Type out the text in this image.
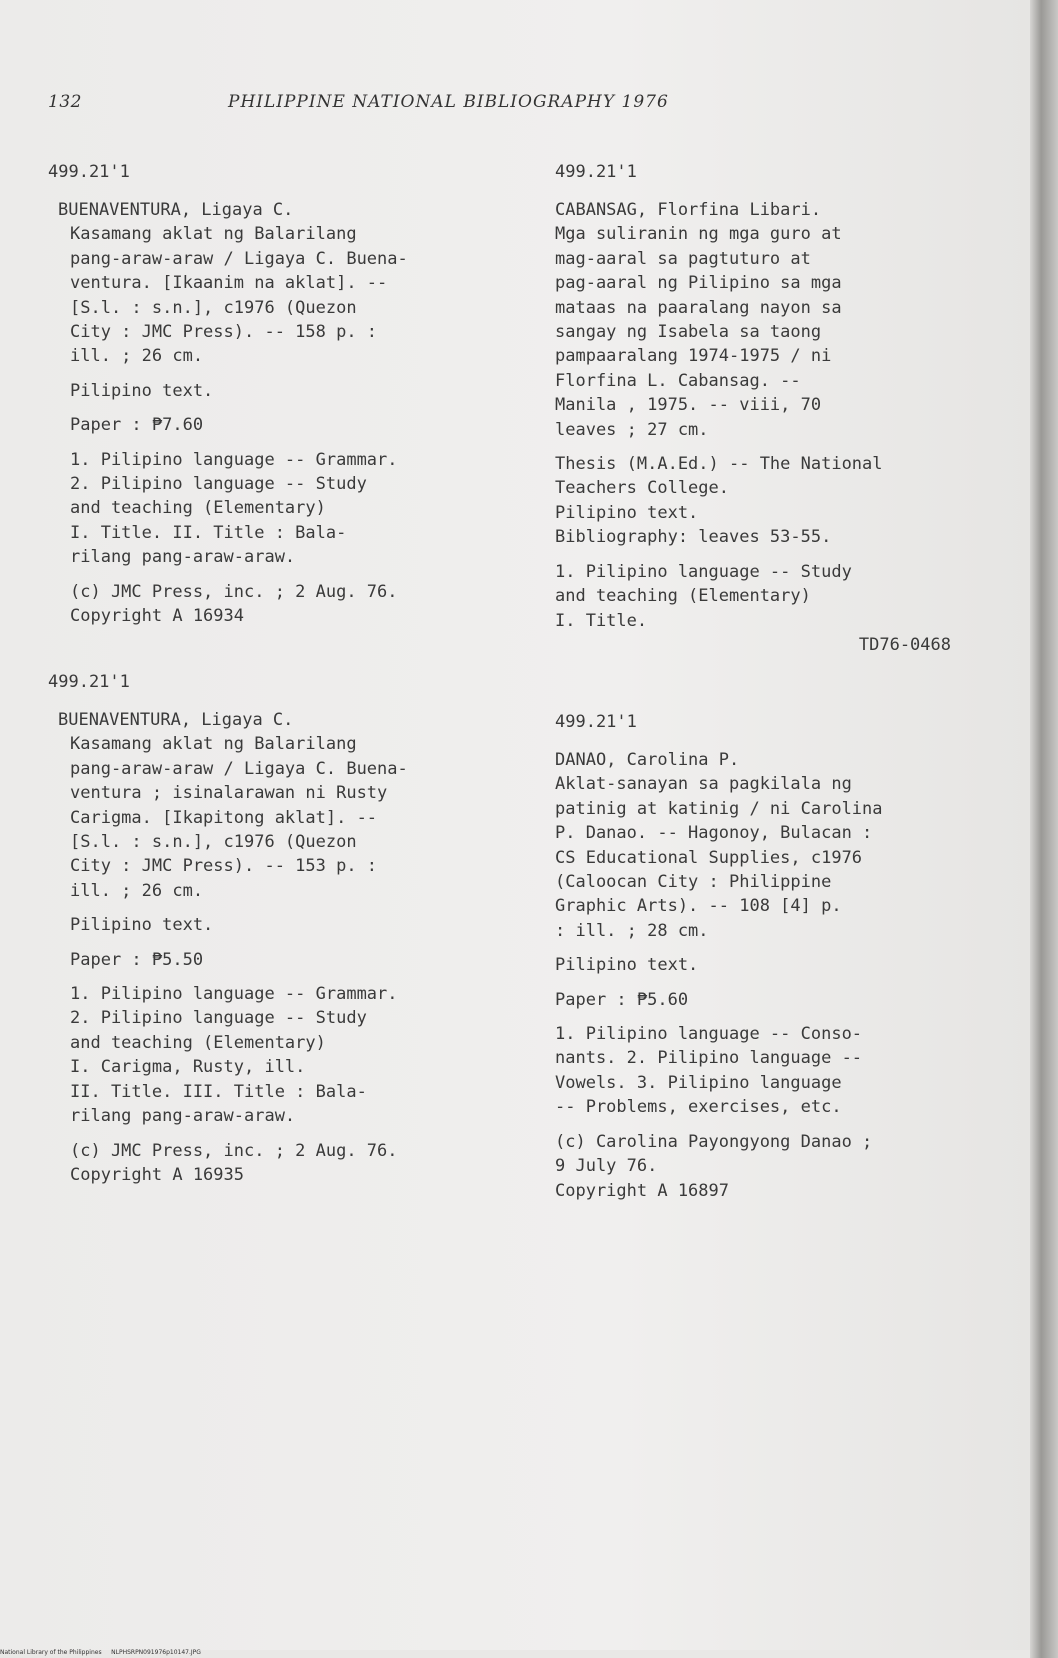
132	PHILIPPINE NATIONAL BIBLIOGRAPHY 1976
499.21'1
BUENAVENTURA, Ligaya C.
Kasamang aklat ng Balarilang
pang-araw-araw / Ligaya C. Buena-
ventura. [Ikaanim na aklat]. --
[S.l. : s.n.], c1976 (Quezon
City : JMC Press). -- 158 p. :
ill. ; 26 cm.
Pilipino text.
Paper : ₱7.60
1. Pilipino language -- Grammar.
2. Pilipino language -- Study
and teaching (Elementary)
I. Title. II. Title : Bala-
rilang pang-araw-araw.
(c) JMC Press, inc. ; 2 Aug. 76.
Copyright A 16934
499.21'1
BUENAVENTURA, Ligaya C.
Kasamang aklat ng Balarilang
pang-araw-araw / Ligaya C. Buena-
ventura ; isinalarawan ni Rusty
Carigma. [Ikapitong aklat]. --
[S.l. : s.n.], c1976 (Quezon
City : JMC Press). -- 153 p. :
ill. ; 26 cm.
Pilipino text.
Paper : ₱5.50
1. Pilipino language -- Grammar.
2. Pilipino language -- Study
and teaching (Elementary)
I. Carigma, Rusty, ill.
II. Title. III. Title : Bala-
rilang pang-araw-araw.
(c) JMC Press, inc. ; 2 Aug. 76.
Copyright A 16935
499.21'1
CABANSAG, Florfina Libari.
Mga suliranin ng mga guro at
mag-aaral sa pagtuturo at
pag-aaral ng Pilipino sa mga
mataas na paaralang nayon sa
sangay ng Isabela sa taong
pampaaralang 1974-1975 / ni
Florfina L. Cabansag. --
Manila , 1975. -- viii, 70
leaves ; 27 cm.
Thesis (M.A.Ed.) -- The National
Teachers College.
Pilipino text.
Bibliography: leaves 53-55.
1. Pilipino language -- Study
and teaching (Elementary)
I. Title.
TD76-0468
499.21'1
DANAO, Carolina P.
Aklat-sanayan sa pagkilala ng
patinig at katinig / ni Carolina
P. Danao. -- Hagonoy, Bulacan :
CS Educational Supplies, c1976
(Caloocan City : Philippine
Graphic Arts). -- 108 [4] p.
: ill. ; 28 cm.
Pilipino text.
Paper : ₱5.60
1. Pilipino language -- Conso-
nants. 2. Pilipino language --
Vowels. 3. Pilipino language
-- Problems, exercises, etc.
(c) Carolina Payongyong Danao ;
9 July 76.
Copyright A 16897
National Library of the Philippines NLPHSRPN091976p10147.JPG
